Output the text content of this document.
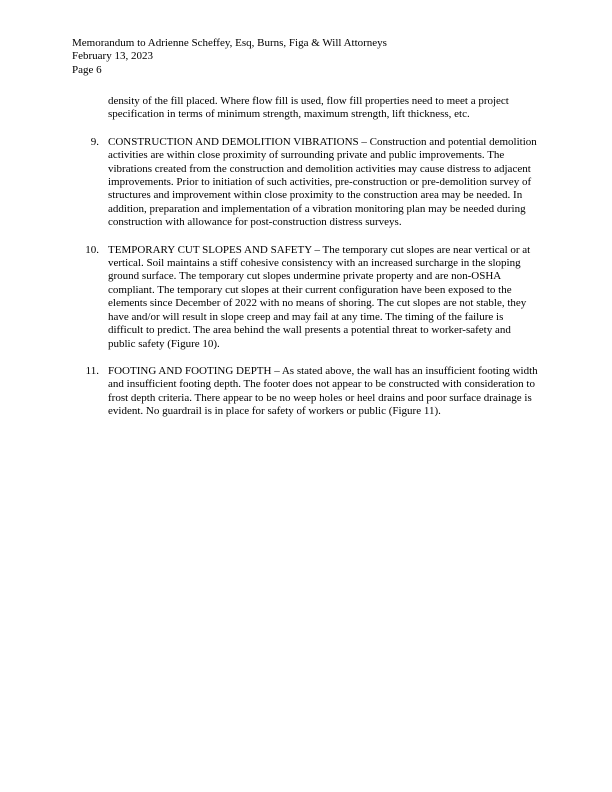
Memorandum to Adrienne Scheffey, Esq, Burns, Figa & Will Attorneys
February 13, 2023
Page 6

density of the fill placed. Where flow fill is used, flow fill properties need to meet a project specification in terms of minimum strength, maximum strength, lift thickness, etc.

9. CONSTRUCTION AND DEMOLITION VIBRATIONS – Construction and potential demolition activities are within close proximity of surrounding private and public improvements. The vibrations created from the construction and demolition activities may cause distress to adjacent improvements. Prior to initiation of such activities, pre-construction or pre-demolition survey of structures and improvement within close proximity to the construction area may be needed. In addition, preparation and implementation of a vibration monitoring plan may be needed during construction with allowance for post-construction distress surveys.
10. TEMPORARY CUT SLOPES AND SAFETY – The temporary cut slopes are near vertical or at vertical. Soil maintains a stiff cohesive consistency with an increased surcharge in the sloping ground surface. The temporary cut slopes undermine private property and are non-OSHA compliant. The temporary cut slopes at their current configuration have been exposed to the elements since December of 2022 with no means of shoring. The cut slopes are not stable, they have and/or will result in slope creep and may fail at any time. The timing of the failure is difficult to predict. The area behind the wall presents a potential threat to worker-safety and public safety (Figure 10).
11. FOOTING AND FOOTING DEPTH – As stated above, the wall has an insufficient footing width and insufficient footing depth. The footer does not appear to be constructed with consideration to frost depth criteria. There appear to be no weep holes or heel drains and poor surface drainage is evident. No guardrail is in place for safety of workers or public (Figure 11).
